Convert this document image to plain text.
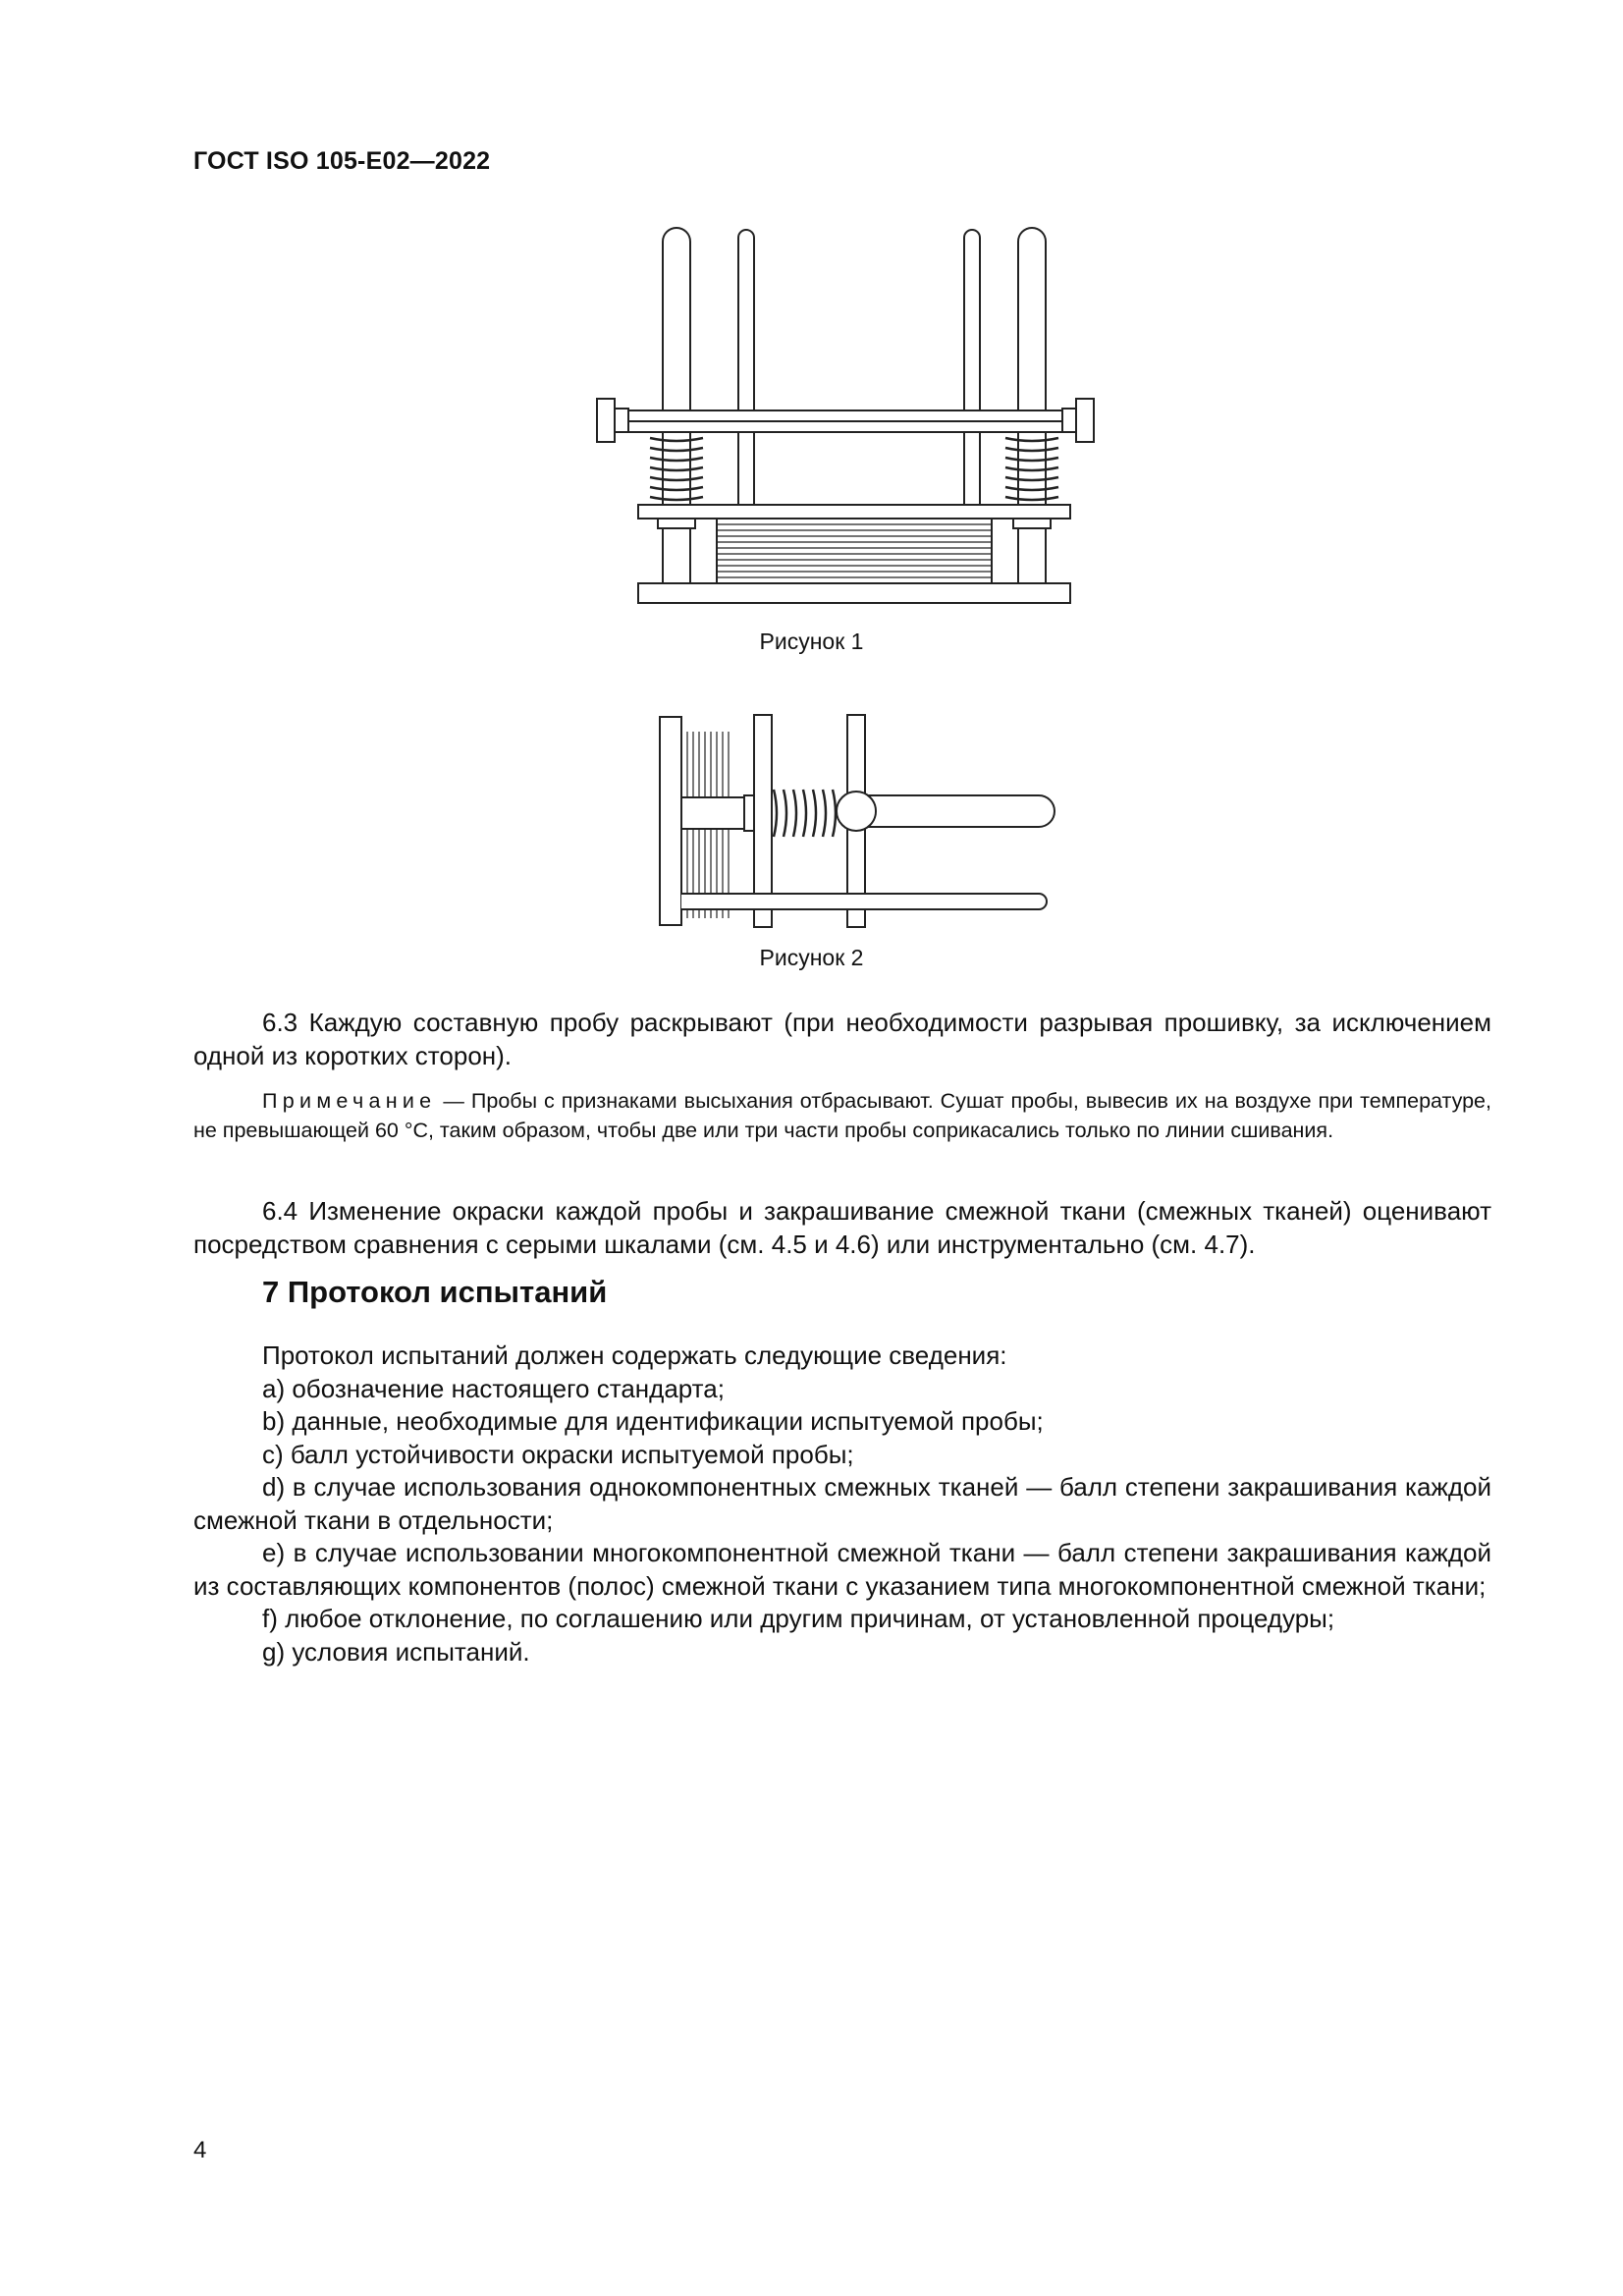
ГОСТ ISO 105-E02—2022
Рисунок 1
Рисунок 2
6.3 Каждую составную пробу раскрывают (при необходимости разрывая прошивку, за исключением одной из коротких сторон).
Примечание — Пробы с признаками высыхания отбрасывают. Сушат пробы, вывесив их на воздухе при температуре, не превышающей 60 °С, таким образом, чтобы две или три части пробы соприкасались только по линии сшивания.
6.4 Изменение окраски каждой пробы и закрашивание смежной ткани (смежных тканей) оценивают посредством сравнения с серыми шкалами (см. 4.5 и 4.6) или инструментально (см. 4.7).
7 Протокол испытаний

Протокол испытаний должен содержать следующие сведения:

a) обозначение настоящего стандарта;

b) данные, необходимые для идентификации испытуемой пробы;

c) балл устойчивости окраски испытуемой пробы;

d) в случае использования однокомпонентных смежных тканей — балл степени закрашивания каждой смежной ткани в отдельности;

e) в случае использовании многокомпонентной смежной ткани — балл степени закрашивания каждой из составляющих компонентов (полос) смежной ткани с указанием типа многокомпонентной смежной ткани;

f) любое отклонение, по соглашению или другим причинам, от установленной процедуры;

g) условия испытаний.

4
